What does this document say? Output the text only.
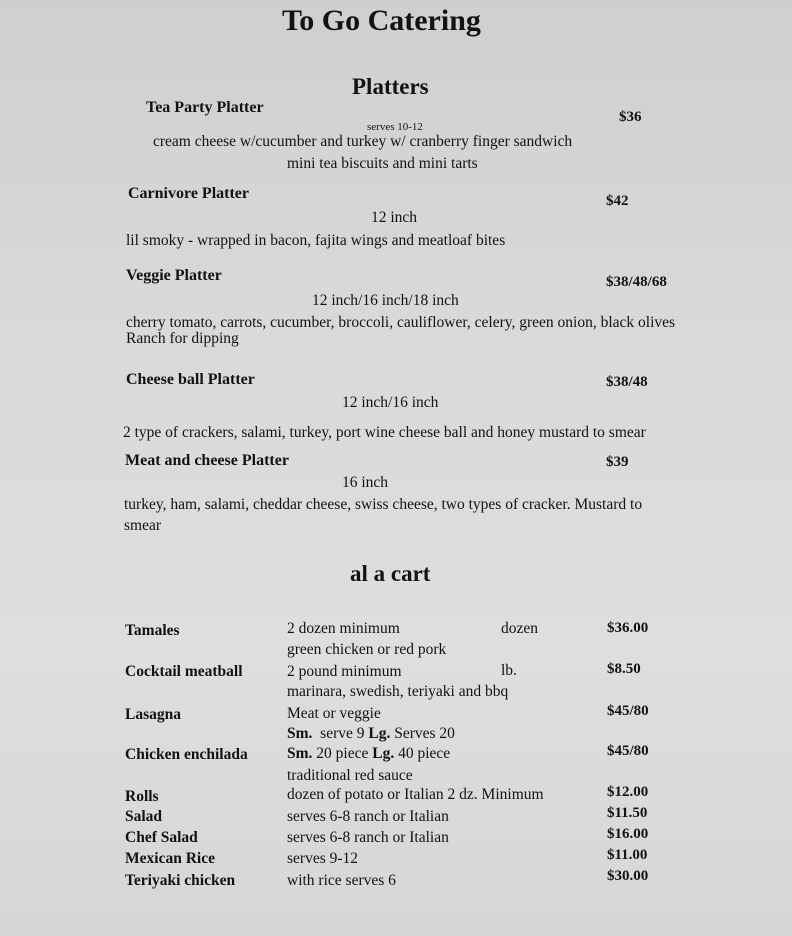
To Go Catering
Platters
Tea Party Platter
$36
serves 10-12
cream cheese w/cucumber and turkey w/ cranberry finger sandwich
mini tea biscuits and mini tarts
Carnivore Platter	$42
12 inch
lil smoky - wrapped in bacon, fajita wings and meatloaf bites
Veggie Platter	$38/48/68
12 inch/16 inch/18 inch
cherry tomato, carrots, cucumber, broccoli, cauliflower, celery, green onion, black olives
Ranch for dipping
Cheese ball Platter	$38/48
12 inch/16 inch
2 type of crackers, salami, turkey, port wine cheese ball and honey mustard to smear
Meat and cheese Platter	$39
16 inch
turkey, ham, salami, cheddar cheese, swiss cheese, two types of cracker. Mustard to
smear
al a cart
Tamales	2 dozen minimum	dozen	$36.00
green chicken or red pork
Cocktail meatball	2 pound minimum	lb.	$8.50
marinara, swedish, teriyaki and bbq
Lasagna	Meat or veggie	$45/80
Sm.  serve 9 Lg. Serves 20
Chicken enchilada	Sm. 20 piece Lg. 40 piece	$45/80
traditional red sauce
Rolls	dozen of potato or Italian 2 dz. Minimum	$12.00
Salad	serves 6-8 ranch or Italian	$11.50
Chef Salad	serves 6-8 ranch or Italian	$16.00
Mexican Rice	serves 9-12	$11.00
Teriyaki chicken	with rice serves 6	$30.00
